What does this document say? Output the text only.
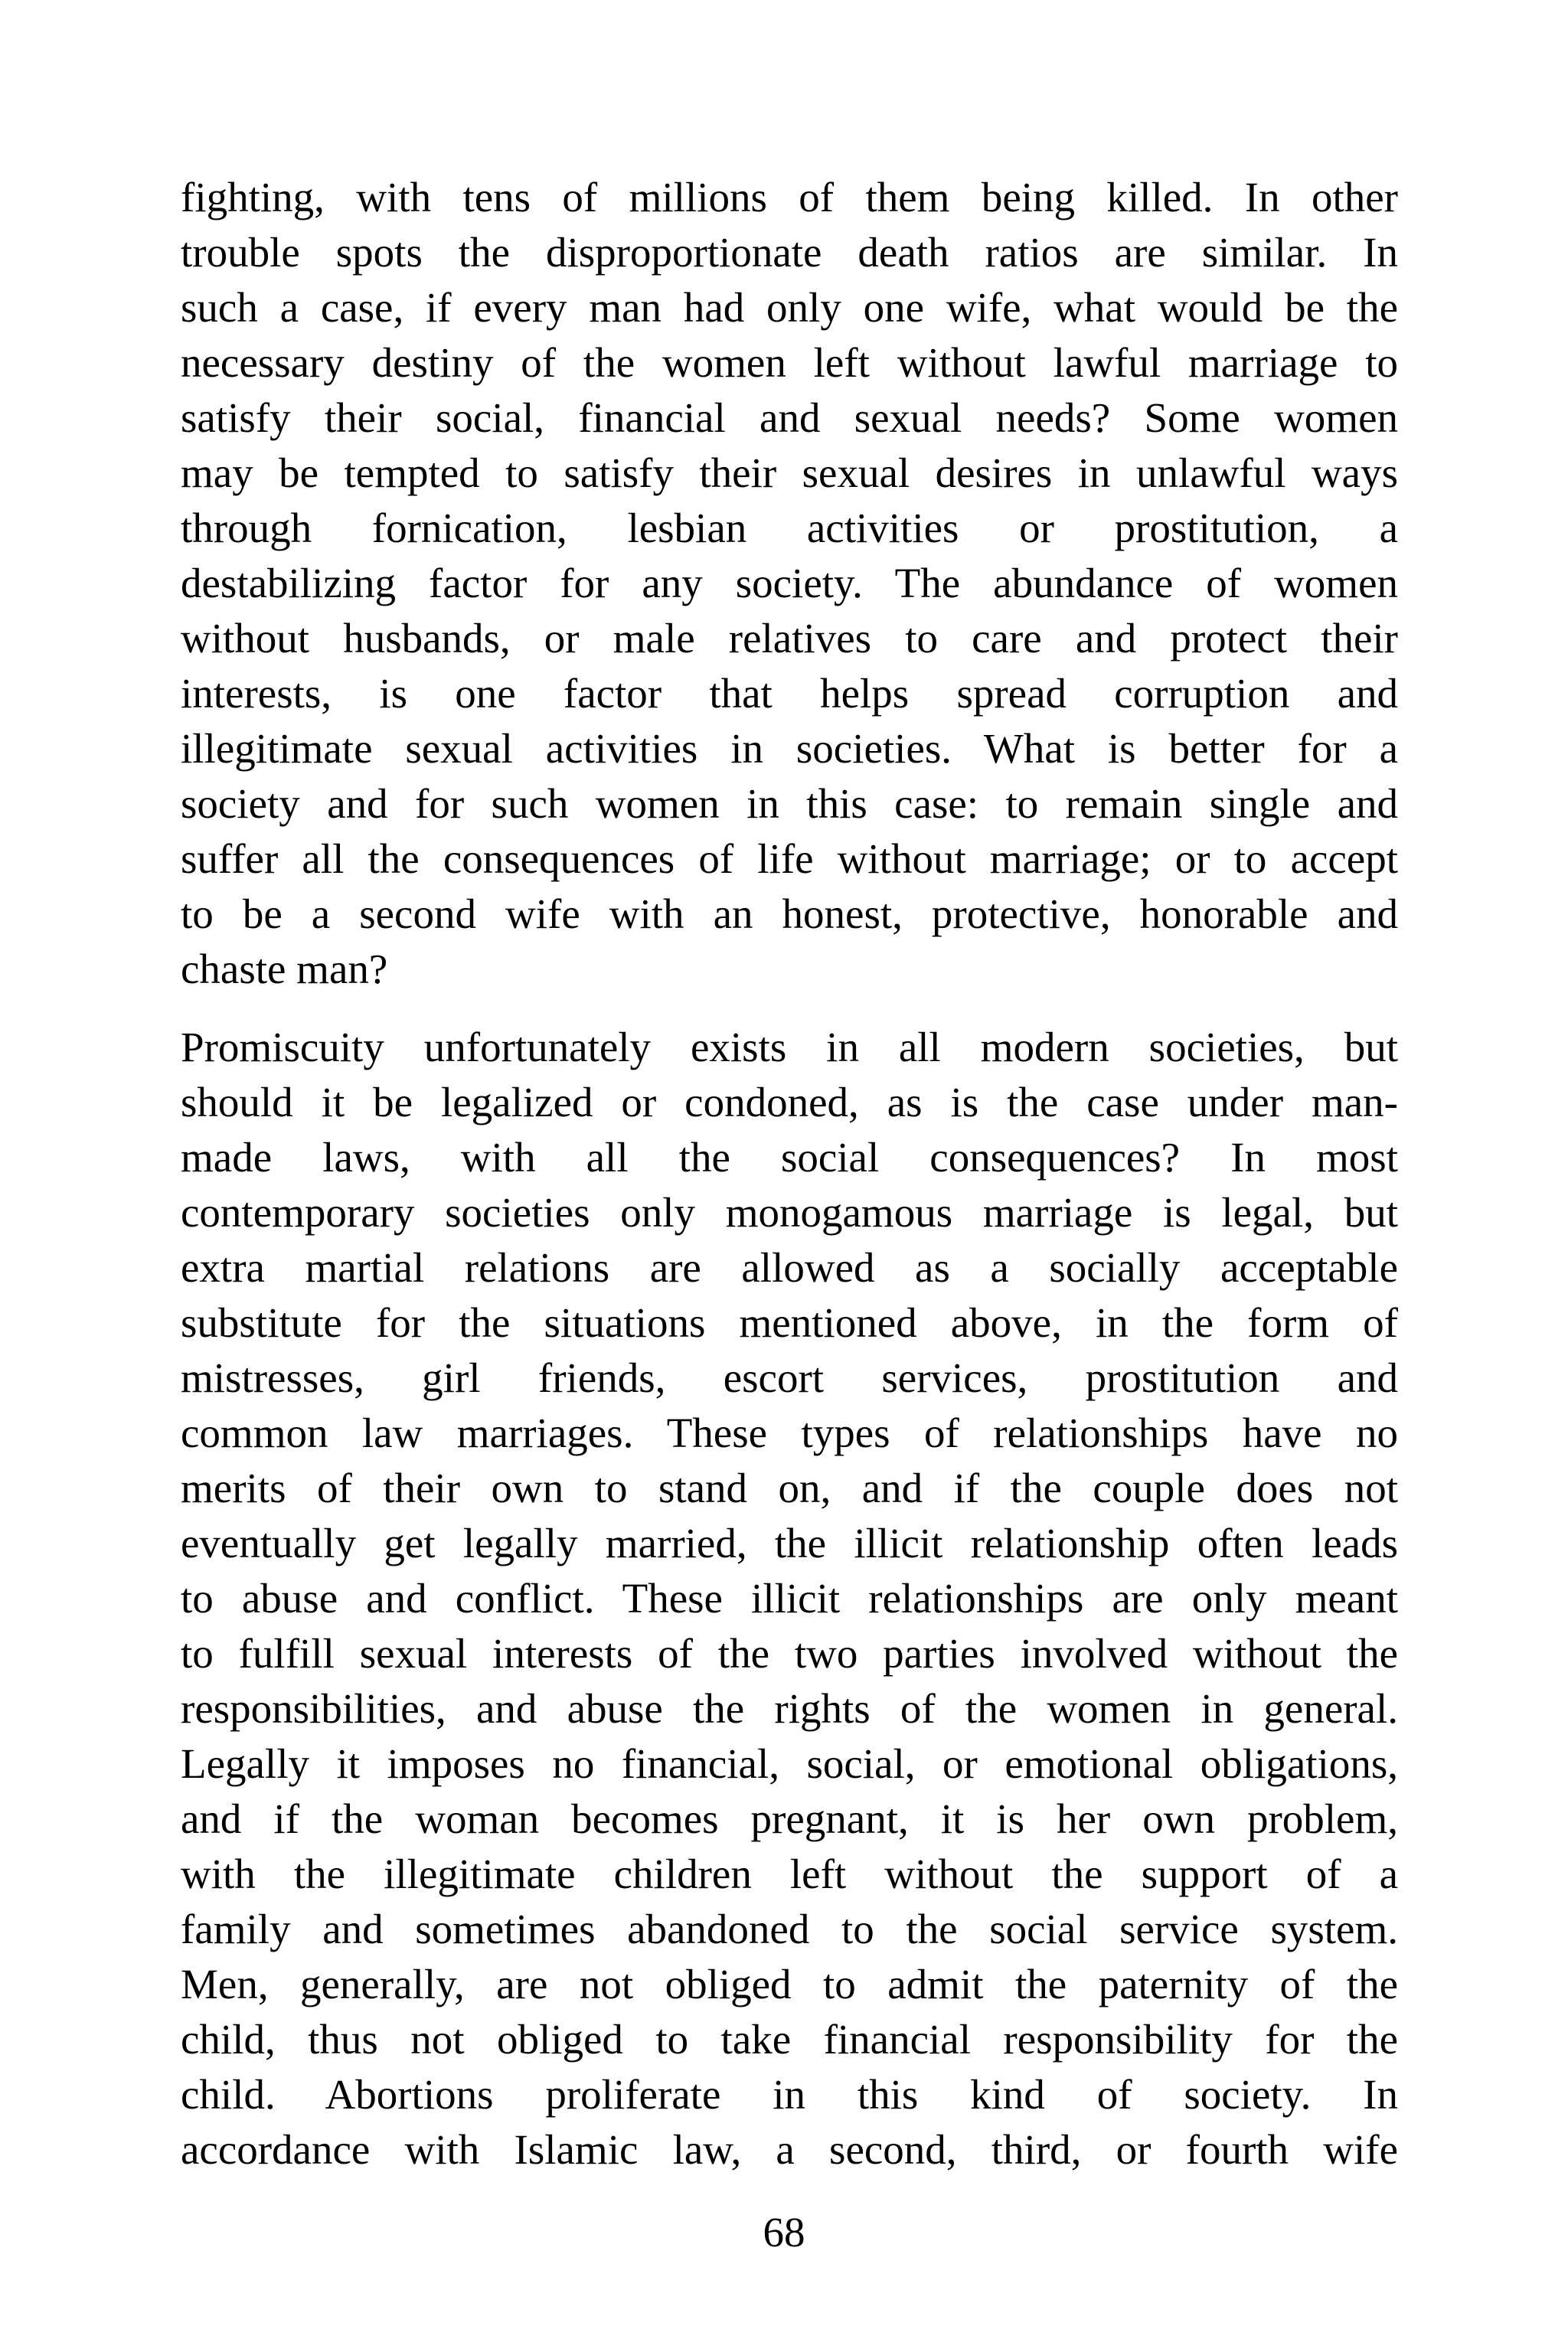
fighting, with tens of millions of them being killed. In other
trouble spots the disproportionate death ratios are similar. In
such a case, if every man had only one wife, what would be the
necessary destiny of the women left without lawful marriage to
satisfy their social, financial and sexual needs? Some women
may be tempted to satisfy their sexual desires in unlawful ways
through fornication, lesbian activities or prostitution, a
destabilizing factor for any society. The abundance of women
without husbands, or male relatives to care and protect their
interests, is one factor that helps spread corruption and
illegitimate sexual activities in societies. What is better for a
society and for such women in this case: to remain single and
suffer all the consequences of life without marriage; or to accept
to be a second wife with an honest, protective, honorable and
chaste man?

Promiscuity unfortunately exists in all modern societies, but
should it be legalized or condoned, as is the case under man-
made laws, with all the social consequences? In most
contemporary societies only monogamous marriage is legal, but
extra martial relations are allowed as a socially acceptable
substitute for the situations mentioned above, in the form of
mistresses, girl friends, escort services, prostitution and
common law marriages. These types of relationships have no
merits of their own to stand on, and if the couple does not
eventually get legally married, the illicit relationship often leads
to abuse and conflict. These illicit relationships are only meant
to fulfill sexual interests of the two parties involved without the
responsibilities, and abuse the rights of the women in general.
Legally it imposes no financial, social, or emotional obligations,
and if the woman becomes pregnant, it is her own problem,
with the illegitimate children left without the support of a
family and sometimes abandoned to the social service system.
Men, generally, are not obliged to admit the paternity of the
child, thus not obliged to take financial responsibility for the
child. Abortions proliferate in this kind of society. In
accordance with Islamic law, a second, third, or fourth wife

68
